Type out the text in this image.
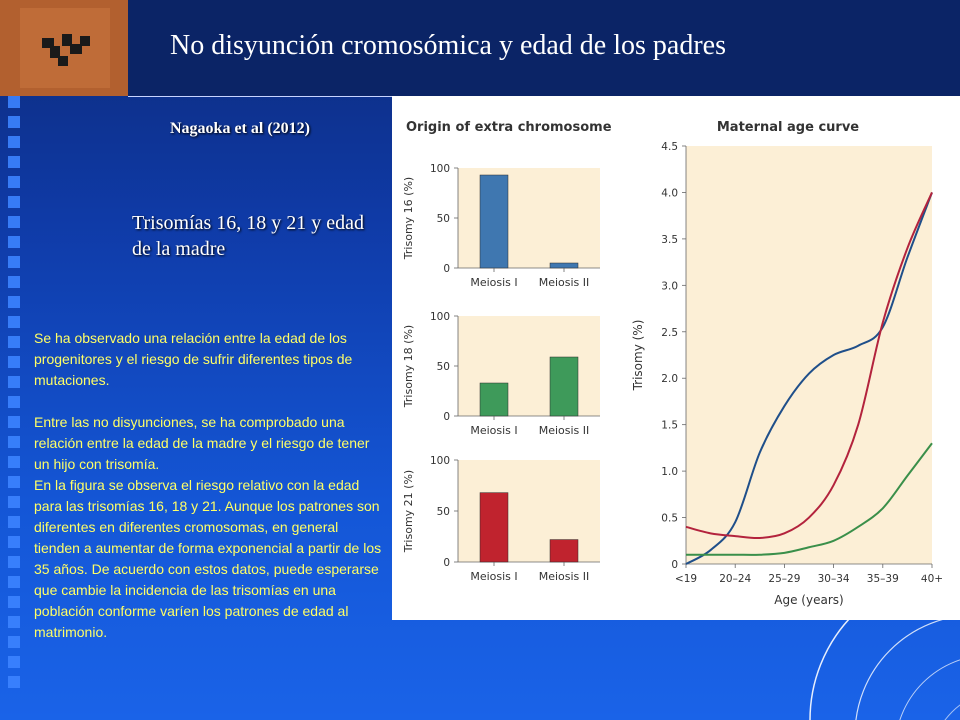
No disyunción cromosómica y edad de los padres
Nagaoka et al (2012)
Trisomías 16, 18 y 21 y edad de la madre

Se ha observado una relación entre la edad de los progenitores y el riesgo de sufrir diferentes tipos de mutaciones.

Entre las no disyunciones, se ha comprobado una relación entre la edad de la madre y el riesgo de tener un hijo con trisomía.

En la figura se observa el riesgo relativo con la edad para las trisomías 16, 18 y 21. Aunque los patrones son diferentes en diferentes cromosomas, en general tienden a aumentar de forma exponencial a partir de los 35 años. De acuerdo con estos datos, puede esperarse que cambie la incidencia de las trisomías en una población conforme varíen los patrones de edad al matrimonio.

Origin of extra chromosome
0
50
100
Trisomy 16 (%)
Meiosis I Meiosis II
0
50
100
Trisomy 18 (%)
Meiosis I Meiosis II
0
50
100
Trisomy 21 (%)
Meiosis I Meiosis II
Maternal age curve
0
0.5
1.0
1.5
2.0
2.5
3.0
3.5
4.0
4.5
<19 20–24 25–29 30–34 35–39 40+
Age (years)
Trisomy (%)
